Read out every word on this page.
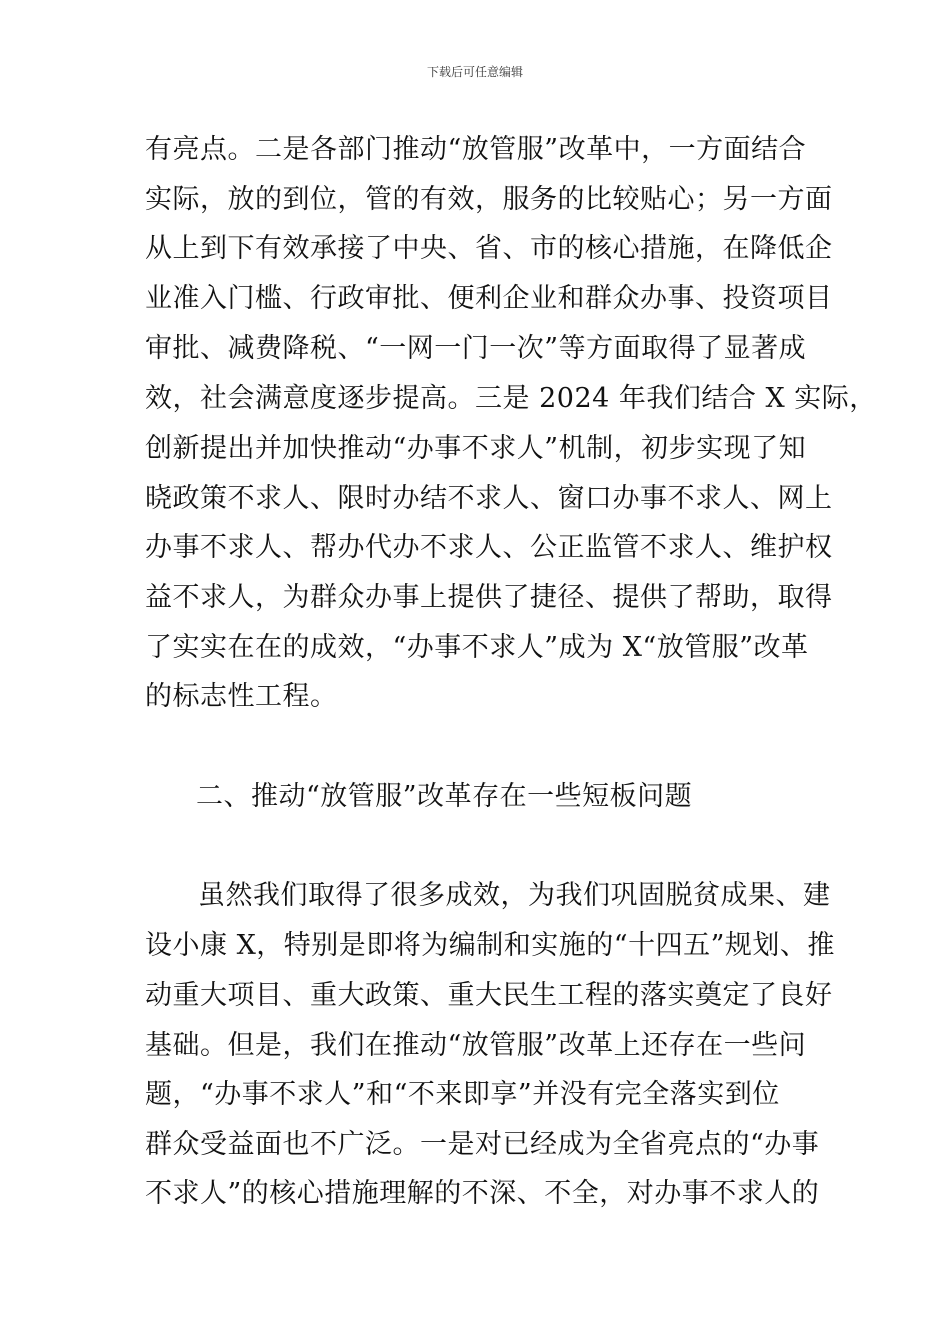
下载后可任意编辑
有亮点。二是各部门推动“放管服”改革中，一方面结合
实际，放的到位，管的有效，服务的比较贴心；另一方面
从上到下有效承接了中央、省、市的核心措施，在降低企
业准入门槛、行政审批、便利企业和群众办事、投资项目
审批、减费降税、“一网一门一次”等方面取得了显著成
效，社会满意度逐步提高。三是 2024 年我们结合 X 实际，
创新提出并加快推动“办事不求人”机制，初步实现了知
晓政策不求人、限时办结不求人、窗口办事不求人、网上
办事不求人、帮办代办不求人、公正监管不求人、维护权
益不求人，为群众办事上提供了捷径、提供了帮助，取得
了实实在在的成效，“办事不求人”成为 X“放管服”改革
的标志性工程。
二、推动“放管服”改革存在一些短板问题
虽然我们取得了很多成效，为我们巩固脱贫成果、建
设小康 X，特别是即将为编制和实施的“十四五”规划、推
动重大项目、重大政策、重大民生工程的落实奠定了良好
基础。但是，我们在推动“放管服”改革上还存在一些问
题，“办事不求人”和“不来即享”并没有完全落实到位
群众受益面也不广泛。一是对已经成为全省亮点的“办事
不求人”的核心措施理解的不深、不全，对办事不求人的
